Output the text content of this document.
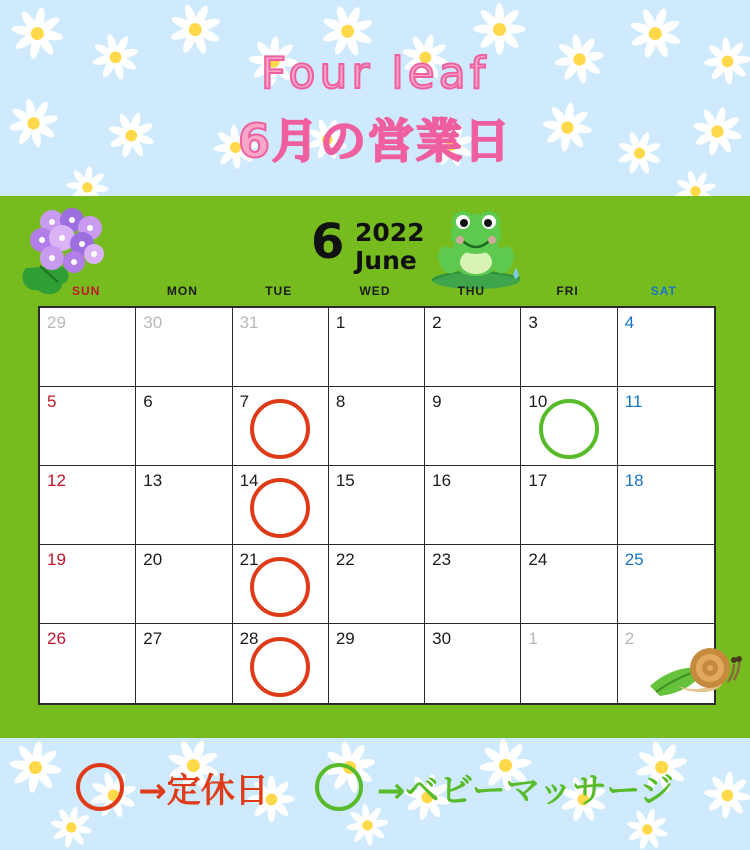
Four leaf
6月の営業日
6 2022
June
SUN	MON	TUE	WED	THU	FRI	SAT
29	30	31	1	2	3	4
5	6	7	8	9	10	11
12	13	14	15	16	17	18
19	20	21	22	23	24	25
26	27	28	29	30	1	2
→定休日	→ベビーマッサージ
